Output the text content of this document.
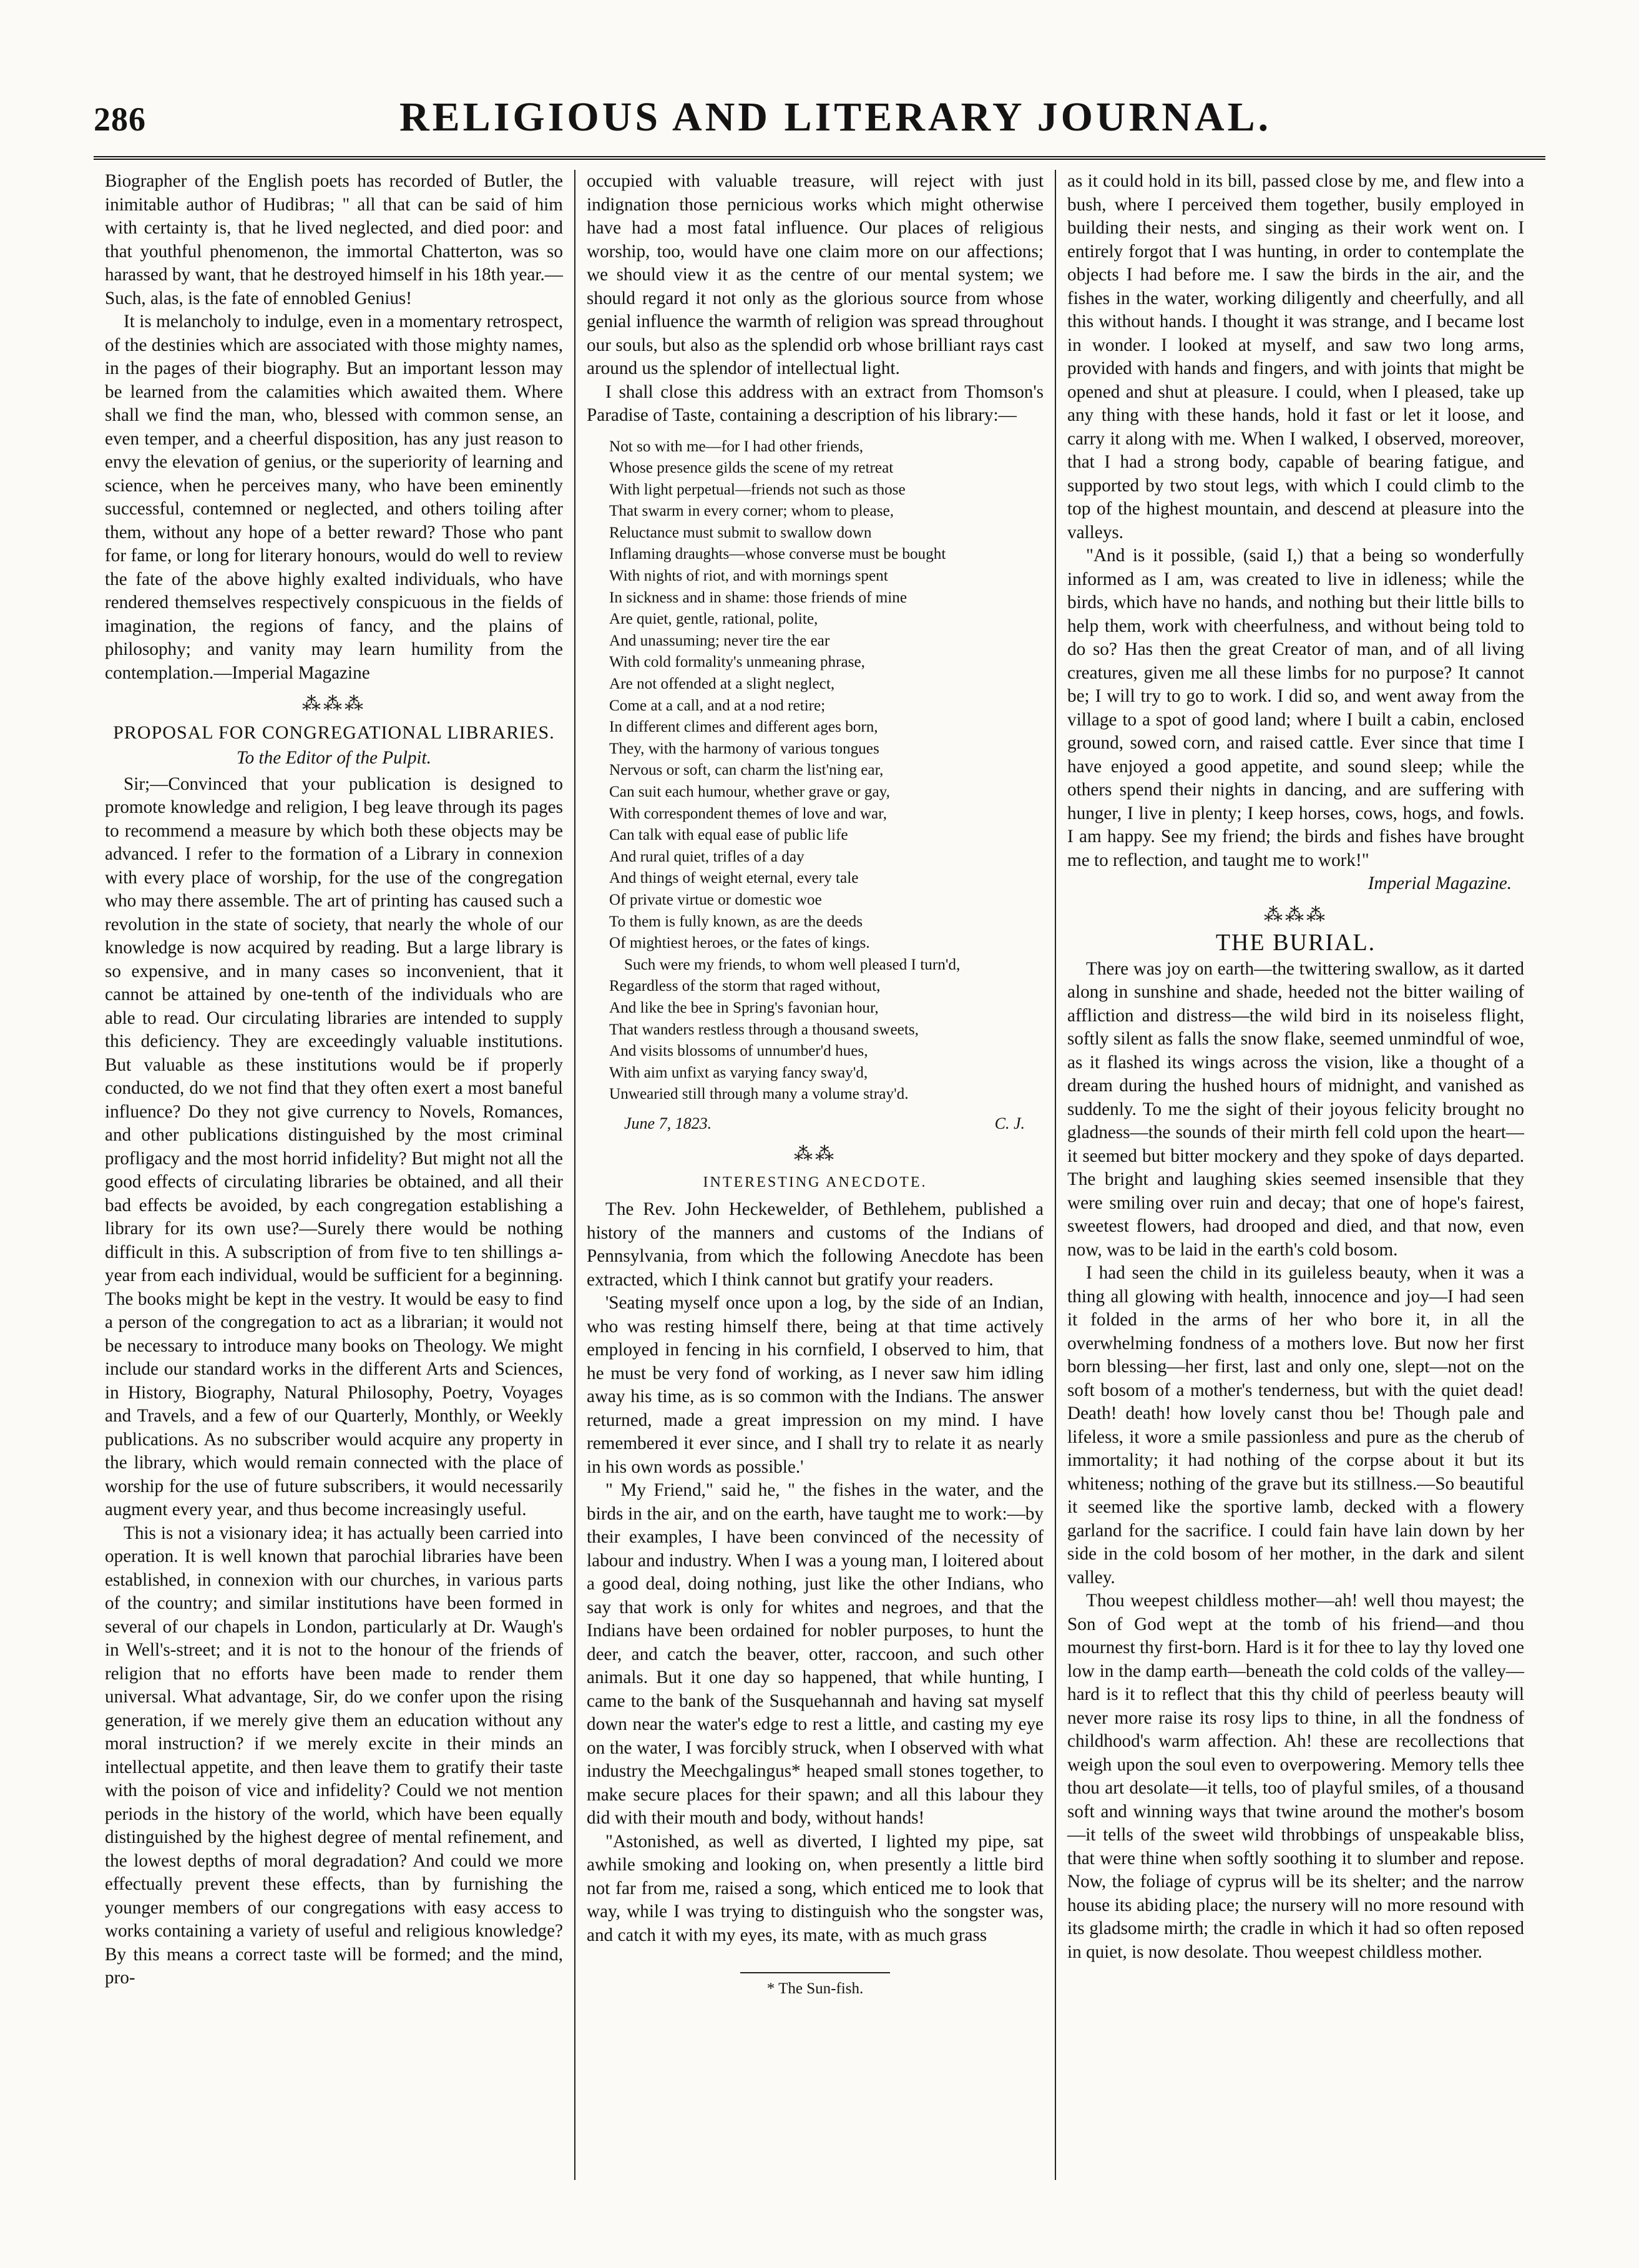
286	RELIGIOUS AND LITERARY JOURNAL.

Biographer of the English poets has recorded of Butler, the inimitable author of Hudibras; " all that can be said of him with certainty is, that he lived neglected, and died poor: and that youthful phenomenon, the immortal Chatterton, was so harassed by want, that he destroyed himself in his 18th year.—Such, alas, is the fate of ennobled Genius!

It is melancholy to indulge, even in a momentary retrospect, of the destinies which are associated with those mighty names, in the pages of their biography. But an important lesson may be learned from the calamities which awaited them. Where shall we find the man, who, blessed with common sense, an even temper, and a cheerful disposition, has any just reason to envy the elevation of genius, or the superiority of learning and science, when he perceives many, who have been eminently successful, contemned or neglected, and others toiling after them, without any hope of a better reward? Those who pant for fame, or long for literary honours, would do well to review the fate of the above highly exalted individuals, who have rendered themselves respectively conspicuous in the fields of imagination, the regions of fancy, and the plains of philosophy; and vanity may learn humility from the contemplation.—Imperial Magazine

⁂⁂⁂
PROPOSAL FOR CONGREGATIONAL LIBRARIES.
To the Editor of the Pulpit.

Sir;—Convinced that your publication is designed to promote knowledge and religion, I beg leave through its pages to recommend a measure by which both these objects may be advanced. I refer to the formation of a Library in connexion with every place of worship, for the use of the congregation who may there assemble. The art of printing has caused such a revolution in the state of society, that nearly the whole of our knowledge is now acquired by reading. But a large library is so expensive, and in many cases so inconvenient, that it cannot be attained by one-tenth of the individuals who are able to read. Our circulating libraries are intended to supply this deficiency. They are exceedingly valuable institutions. But valuable as these institutions would be if properly conducted, do we not find that they often exert a most baneful influence? Do they not give currency to Novels, Romances, and other publications distinguished by the most criminal profligacy and the most horrid infidelity? But might not all the good effects of circulating libraries be obtained, and all their bad effects be avoided, by each congregation establishing a library for its own use?—Surely there would be nothing difficult in this. A subscription of from five to ten shillings a-year from each individual, would be sufficient for a beginning. The books might be kept in the vestry. It would be easy to find a person of the congregation to act as a librarian; it would not be necessary to introduce many books on Theology. We might include our standard works in the different Arts and Sciences, in History, Biography, Natural Philosophy, Poetry, Voyages and Travels, and a few of our Quarterly, Monthly, or Weekly publications. As no subscriber would acquire any property in the library, which would remain connected with the place of worship for the use of future subscribers, it would necessarily augment every year, and thus become increasingly useful.

This is not a visionary idea; it has actually been carried into operation. It is well known that parochial libraries have been established, in connexion with our churches, in various parts of the country; and similar institutions have been formed in several of our chapels in London, particularly at Dr. Waugh's in Well's-street; and it is not to the honour of the friends of religion that no efforts have been made to render them universal. What advantage, Sir, do we confer upon the rising generation, if we merely give them an education without any moral instruction? if we merely excite in their minds an intellectual appetite, and then leave them to gratify their taste with the poison of vice and infidelity? Could we not mention periods in the history of the world, which have been equally distinguished by the highest degree of mental refinement, and the lowest depths of moral degradation? And could we more effectually prevent these effects, than by furnishing the younger members of our congregations with easy access to works containing a variety of useful and religious knowledge? By this means a correct taste will be formed; and the mind, pro-

occupied with valuable treasure, will reject with just indignation those pernicious works which might otherwise have had a most fatal influence. Our places of religious worship, too, would have one claim more on our affections; we should view it as the centre of our mental system; we should regard it not only as the glorious source from whose genial influence the warmth of religion was spread throughout our souls, but also as the splendid orb whose brilliant rays cast around us the splendor of intellectual light.

I shall close this address with an extract from Thomson's Paradise of Taste, containing a description of his library:—

Not so with me—for I had other friends,
Whose presence gilds the scene of my retreat
With light perpetual—friends not such as those
That swarm in every corner; whom to please,
Reluctance must submit to swallow down
Inflaming draughts—whose converse must be bought
With nights of riot, and with mornings spent
In sickness and in shame: those friends of mine
Are quiet, gentle, rational, polite,
And unassuming; never tire the ear
With cold formality's unmeaning phrase,
Are not offended at a slight neglect,
Come at a call, and at a nod retire;
In different climes and different ages born,
They, with the harmony of various tongues
Nervous or soft, can charm the list'ning ear,
Can suit each humour, whether grave or gay,
With correspondent themes of love and war,
Can talk with equal ease of public life
And rural quiet, trifles of a day
And things of weight eternal, every tale
Of private virtue or domestic woe
To them is fully known, as are the deeds
Of mightiest heroes, or the fates of kings.
Such were my friends, to whom well pleased I turn'd,
Regardless of the storm that raged without,
And like the bee in Spring's favonian hour,
That wanders restless through a thousand sweets,
And visits blossoms of unnumber'd hues,
With aim unfixt as varying fancy sway'd,
Unwearied still through many a volume stray'd.
June 7, 1823.	C. J.
⁂⁂
INTERESTING ANECDOTE.

The Rev. John Heckewelder, of Bethlehem, published a history of the manners and customs of the Indians of Pennsylvania, from which the following Anecdote has been extracted, which I think cannot but gratify your readers.

'Seating myself once upon a log, by the side of an Indian, who was resting himself there, being at that time actively employed in fencing in his cornfield, I observed to him, that he must be very fond of working, as I never saw him idling away his time, as is so common with the Indians. The answer returned, made a great impression on my mind. I have remembered it ever since, and I shall try to relate it as nearly in his own words as possible.'

" My Friend," said he, " the fishes in the water, and the birds in the air, and on the earth, have taught me to work:—by their examples, I have been convinced of the necessity of labour and industry. When I was a young man, I loitered about a good deal, doing nothing, just like the other Indians, who say that work is only for whites and negroes, and that the Indians have been ordained for nobler purposes, to hunt the deer, and catch the beaver, otter, raccoon, and such other animals. But it one day so happened, that while hunting, I came to the bank of the Susquehannah and having sat myself down near the water's edge to rest a little, and casting my eye on the water, I was forcibly struck, when I observed with what industry the Meechgalingus* heaped small stones together, to make secure places for their spawn; and all this labour they did with their mouth and body, without hands!

"Astonished, as well as diverted, I lighted my pipe, sat awhile smoking and looking on, when presently a little bird not far from me, raised a song, which enticed me to look that way, while I was trying to distinguish who the songster was, and catch it with my eyes, its mate, with as much grass

* The Sun-fish.

as it could hold in its bill, passed close by me, and flew into a bush, where I perceived them together, busily employed in building their nests, and singing as their work went on. I entirely forgot that I was hunting, in order to contemplate the objects I had before me. I saw the birds in the air, and the fishes in the water, working diligently and cheerfully, and all this without hands. I thought it was strange, and I became lost in wonder. I looked at myself, and saw two long arms, provided with hands and fingers, and with joints that might be opened and shut at pleasure. I could, when I pleased, take up any thing with these hands, hold it fast or let it loose, and carry it along with me. When I walked, I observed, moreover, that I had a strong body, capable of bearing fatigue, and supported by two stout legs, with which I could climb to the top of the highest mountain, and descend at pleasure into the valleys.

"And is it possible, (said I,) that a being so wonderfully informed as I am, was created to live in idleness; while the birds, which have no hands, and nothing but their little bills to help them, work with cheerfulness, and without being told to do so? Has then the great Creator of man, and of all living creatures, given me all these limbs for no purpose? It cannot be; I will try to go to work. I did so, and went away from the village to a spot of good land; where I built a cabin, enclosed ground, sowed corn, and raised cattle. Ever since that time I have enjoyed a good appetite, and sound sleep; while the others spend their nights in dancing, and are suffering with hunger, I live in plenty; I keep horses, cows, hogs, and fowls. I am happy. See my friend; the birds and fishes have brought me to reflection, and taught me to work!"

Imperial Magazine.

⁂⁂⁂
THE BURIAL.

There was joy on earth—the twittering swallow, as it darted along in sunshine and shade, heeded not the bitter wailing of affliction and distress—the wild bird in its noiseless flight, softly silent as falls the snow flake, seemed unmindful of woe, as it flashed its wings across the vision, like a thought of a dream during the hushed hours of midnight, and vanished as suddenly. To me the sight of their joyous felicity brought no gladness—the sounds of their mirth fell cold upon the heart—it seemed but bitter mockery and they spoke of days departed. The bright and laughing skies seemed insensible that they were smiling over ruin and decay; that one of hope's fairest, sweetest flowers, had drooped and died, and that now, even now, was to be laid in the earth's cold bosom.

I had seen the child in its guileless beauty, when it was a thing all glowing with health, innocence and joy—I had seen it folded in the arms of her who bore it, in all the overwhelming fondness of a mothers love. But now her first born blessing—her first, last and only one, slept—not on the soft bosom of a mother's tenderness, but with the quiet dead! Death! death! how lovely canst thou be! Though pale and lifeless, it wore a smile passionless and pure as the cherub of immortality; it had nothing of the corpse about it but its whiteness; nothing of the grave but its stillness.—So beautiful it seemed like the sportive lamb, decked with a flowery garland for the sacrifice. I could fain have lain down by her side in the cold bosom of her mother, in the dark and silent valley.

Thou weepest childless mother—ah! well thou mayest; the Son of God wept at the tomb of his friend—and thou mournest thy first-born. Hard is it for thee to lay thy loved one low in the damp earth—beneath the cold colds of the valley—hard is it to reflect that this thy child of peerless beauty will never more raise its rosy lips to thine, in all the fondness of childhood's warm affection. Ah! these are recollections that weigh upon the soul even to overpowering. Memory tells thee thou art desolate—it tells, too of playful smiles, of a thousand soft and winning ways that twine around the mother's bosom—it tells of the sweet wild throbbings of unspeakable bliss, that were thine when softly soothing it to slumber and repose. Now, the foliage of cyprus will be its shelter; and the narrow house its abiding place; the nursery will no more resound with its gladsome mirth; the cradle in which it had so often reposed in quiet, is now desolate. Thou weepest childless mother.
